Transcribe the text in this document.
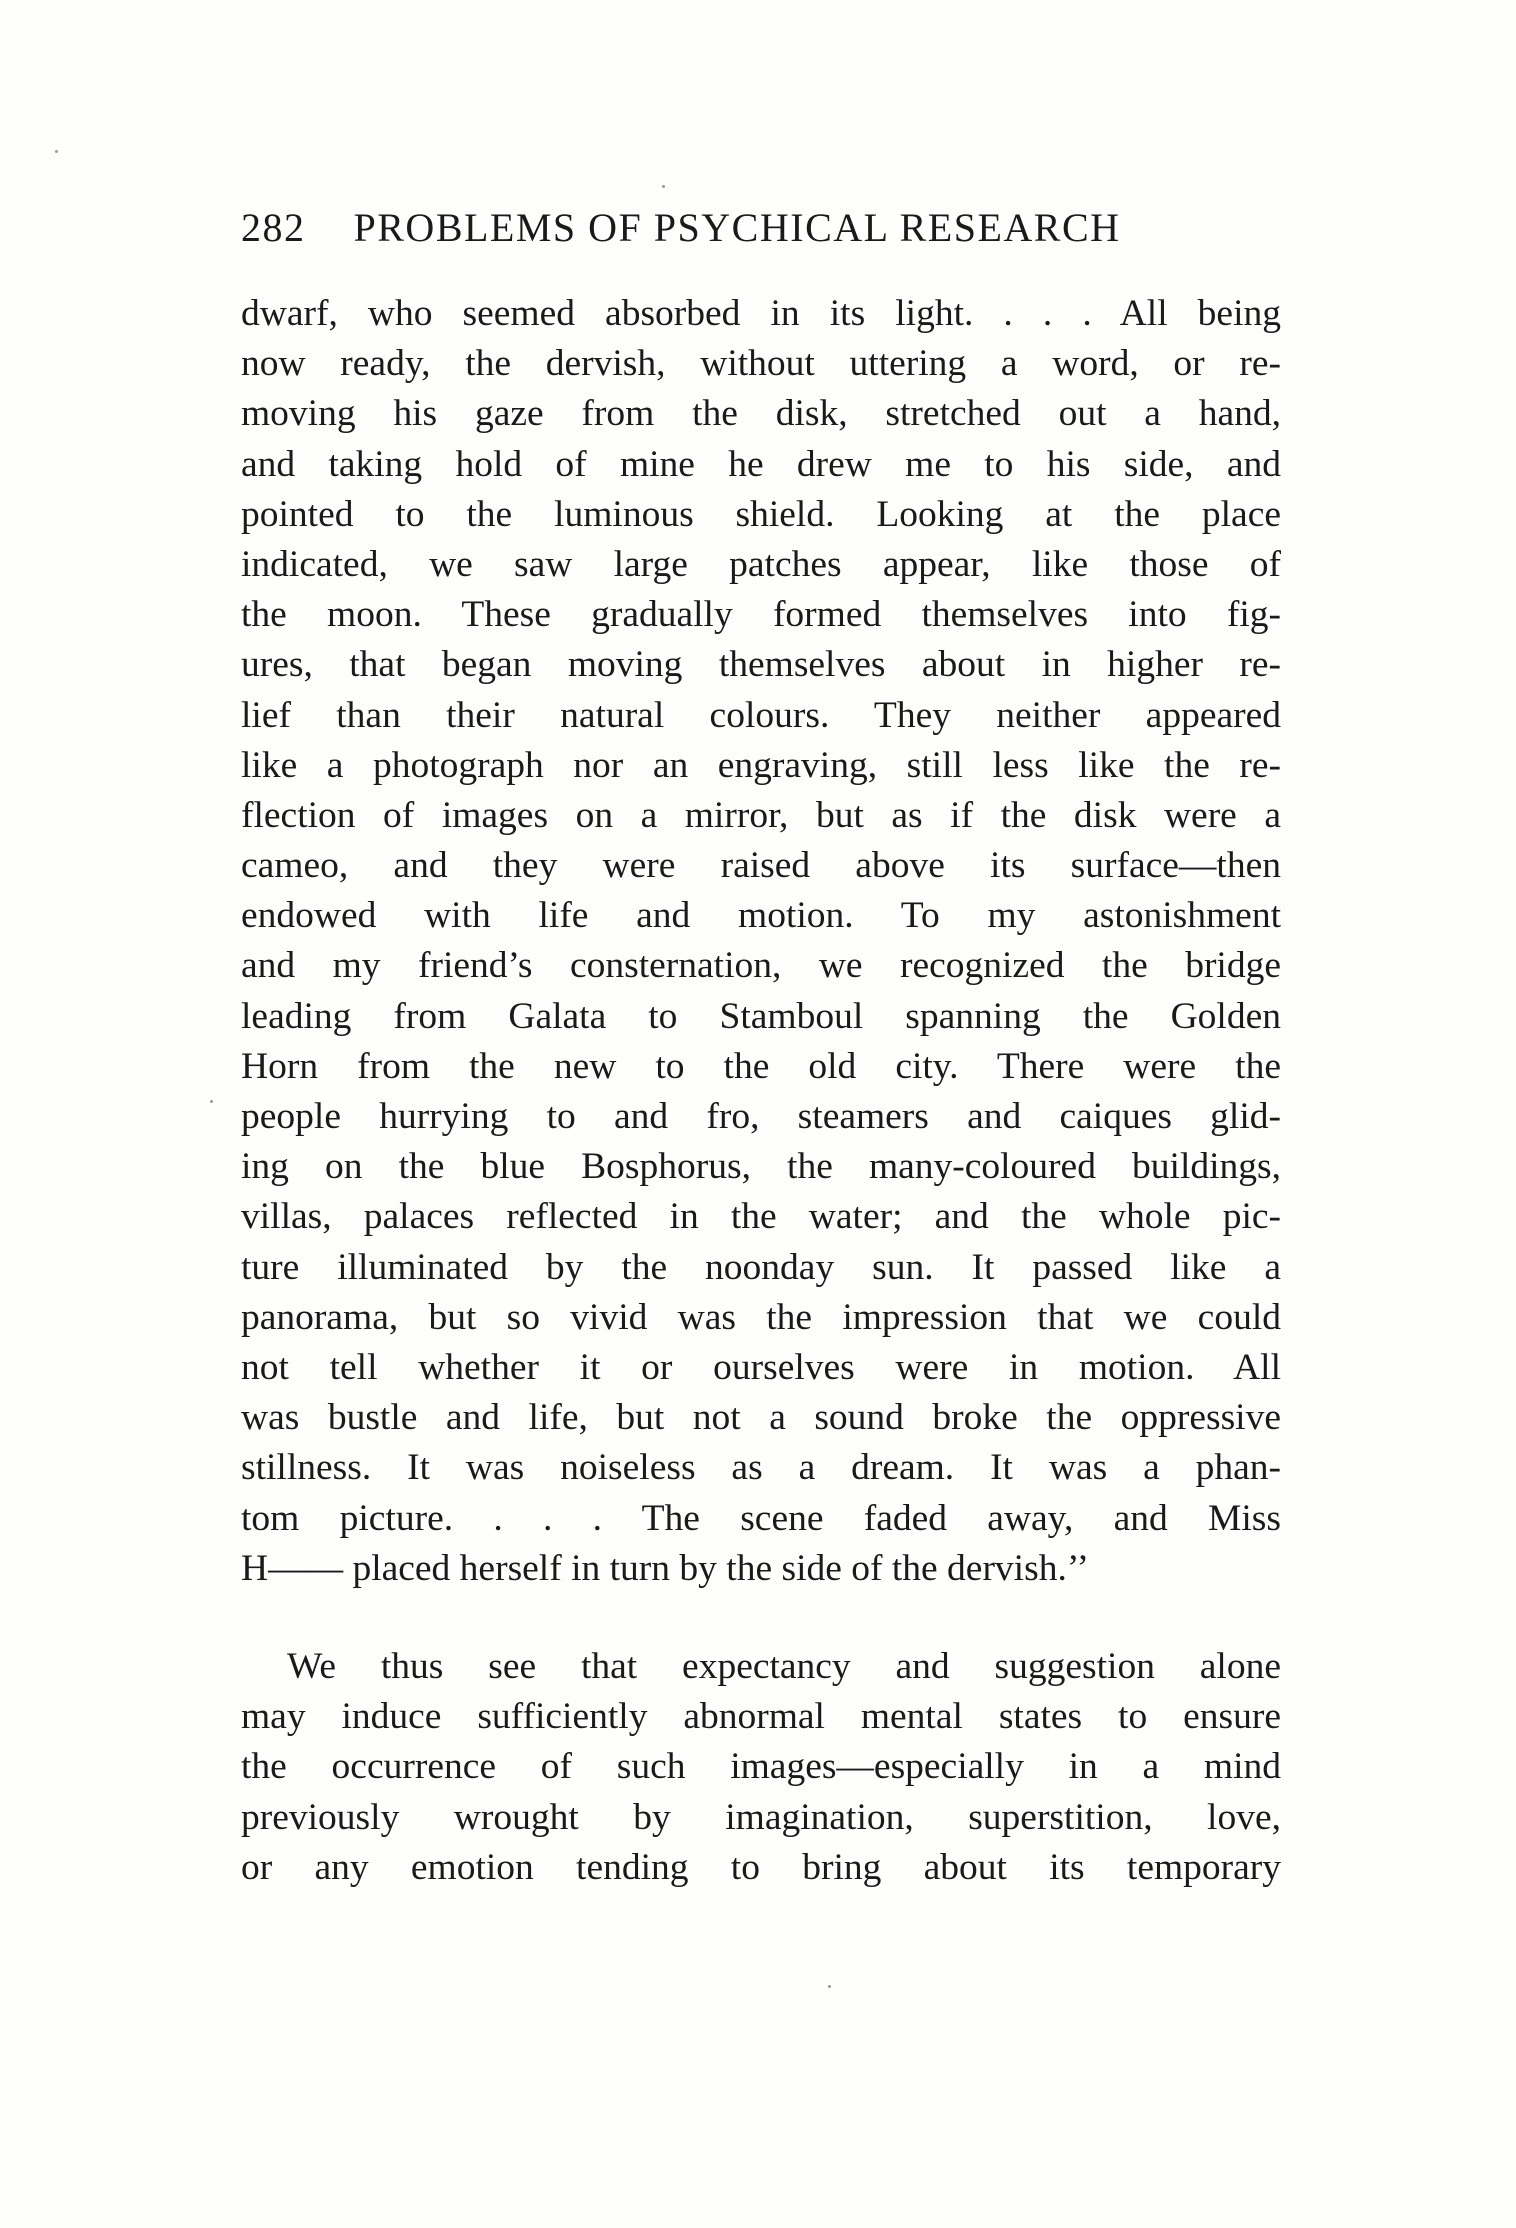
282 PROBLEMS OF PSYCHICAL RESEARCH
dwarf, who seemed absorbed in its light. . . . All being
now ready, the dervish, without uttering a word, or re-
moving his gaze from the disk, stretched out a hand,
and taking hold of mine he drew me to his side, and
pointed to the luminous shield. Looking at the place
indicated, we saw large patches appear, like those of
the moon. These gradually formed themselves into fig-
ures, that began moving themselves about in higher re-
lief than their natural colours. They neither appeared
like a photograph nor an engraving, still less like the re-
flection of images on a mirror, but as if the disk were a
cameo, and they were raised above its surface—then
endowed with life and motion. To my astonishment
and my friend’s consternation, we recognized the bridge
leading from Galata to Stamboul spanning the Golden
Horn from the new to the old city. There were the
people hurrying to and fro, steamers and caiques glid-
ing on the blue Bosphorus, the many-coloured buildings,
villas, palaces reflected in the water; and the whole pic-
ture illuminated by the noonday sun. It passed like a
panorama, but so vivid was the impression that we could
not tell whether it or ourselves were in motion. All
was bustle and life, but not a sound broke the oppressive
stillness. It was noiseless as a dream. It was a phan-
tom picture. . . . The scene faded away, and Miss
H—— placed herself in turn by the side of the dervish.’’
We thus see that expectancy and suggestion alone
may induce sufficiently abnormal mental states to ensure
the occurrence of such images—especially in a mind
previously wrought by imagination, superstition, love,
or any emotion tending to bring about its temporary
